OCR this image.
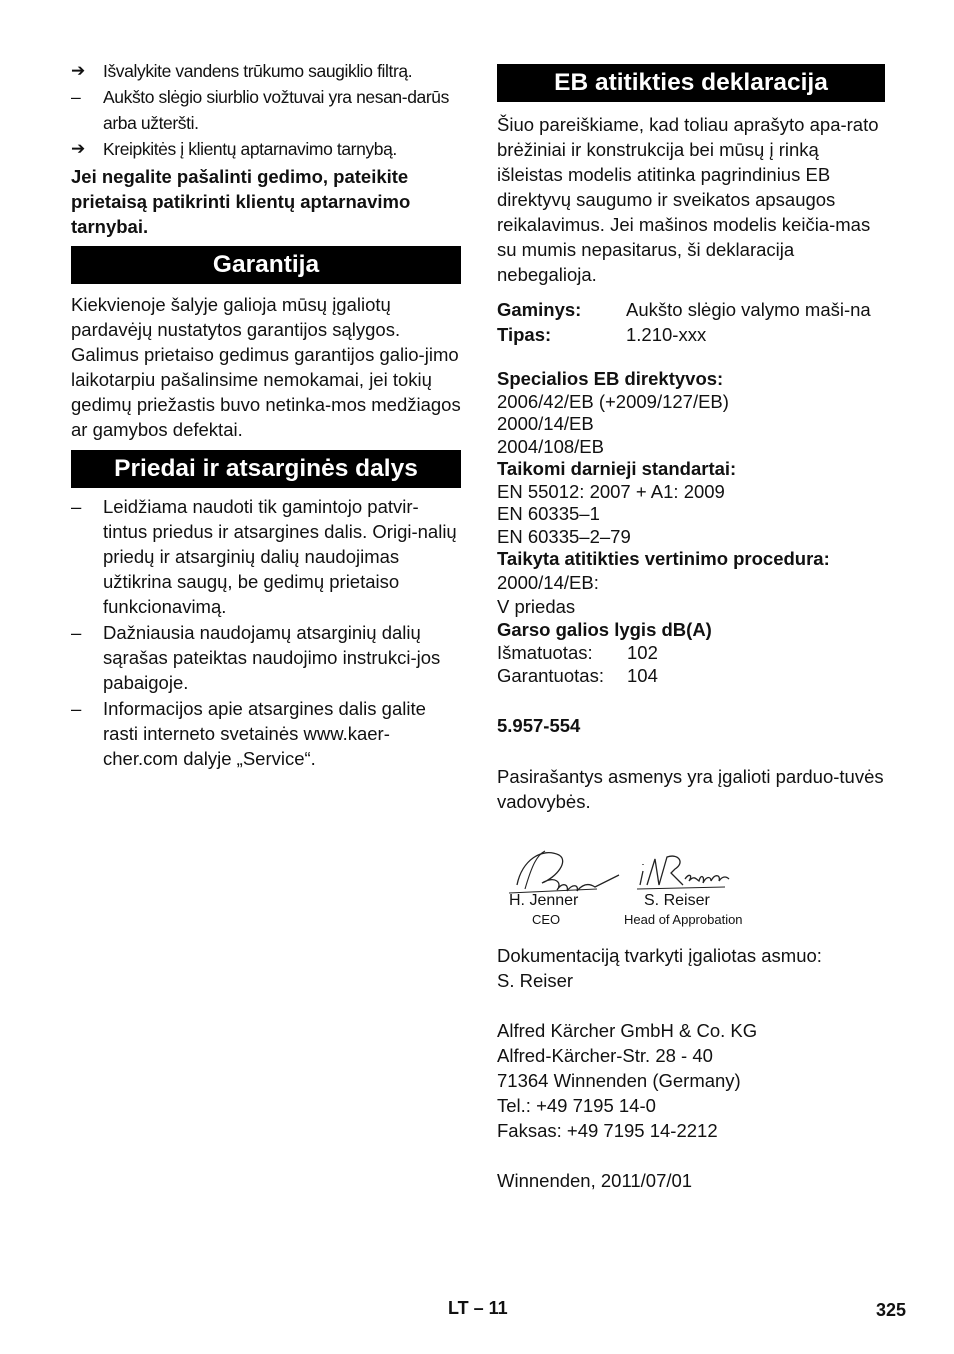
➔	Išvalykite vandens trūkumo saugiklio filtrą.
–	Aukšto slėgio siurblio vožtuvai yra nesan-darūs arba užteršti.
➔	Kreipkitės į klientų aptarnavimo tarnybą.

Jei negalite pašalinti gedimo, pateikite prietaisą patikrinti klientų aptarnavimo tarnybai.

Garantija

Kiekvienoje šalyje galioja mūsų įgaliotų pardavėjų nustatytos garantijos sąlygos. Galimus prietaiso gedimus garantijos galio-jimo laikotarpiu pašalinsime nemokamai, jei tokių gedimų priežastis buvo netinka-mos medžiagos ar gamybos defektai.

Priedai ir atsarginės dalys
–	Leidžiama naudoti tik gamintojo patvir-tintus priedus ir atsargines dalis. Origi-nalių priedų ir atsarginių dalių naudojimas užtikrina saugų, be gedimų prietaiso funkcionavimą.
–	Dažniausia naudojamų atsarginių dalių sąrašas pateiktas naudojimo instrukci-jos pabaigoje.
–	Informacijos apie atsargines dalis galite rasti interneto svetainės www.kaer-cher.com dalyje „Service“.
EB atitikties deklaracija

Šiuo pareiškiame, kad toliau aprašyto apa-rato brėžiniai ir konstrukcija bei mūsų į rinką išleistas modelis atitinka pagrindinius EB direktyvų saugumo ir sveikatos apsaugos reikalavimus. Jei mašinos modelis keičia-mas su mumis nepasitarus, ši deklaracija nebegalioja.

Gaminys:	Aukšto slėgio valymo maši-na
Tipas:	1.210-xxx
Specialios EB direktyvos:
2006/42/EB (+2009/127/EB)
2000/14/EB
2004/108/EB
Taikomi darnieji standartai:
EN 55012: 2007 + A1: 2009
EN 60335–1
EN 60335–2–79
Taikyta atitikties vertinimo procedura:
2000/14/EB:
V priedas
Garso galios lygis dB(A)
Išmatuotas:	102
Garantuotas:	104
5.957-554

Pasirašantys asmenys yra įgalioti parduo-tuvės vadovybės.

H. Jenner
CEO
S. Reiser
Head of Approbation
Dokumentaciją tvarkyti įgaliotas asmuo:
S. Reiser
Alfred Kärcher GmbH & Co. KG
Alfred-Kärcher-Str. 28 - 40
71364 Winnenden (Germany)
Tel.: +49 7195 14-0
Faksas: +49 7195 14-2212
Winnenden, 2011/07/01
LT – 11	325
